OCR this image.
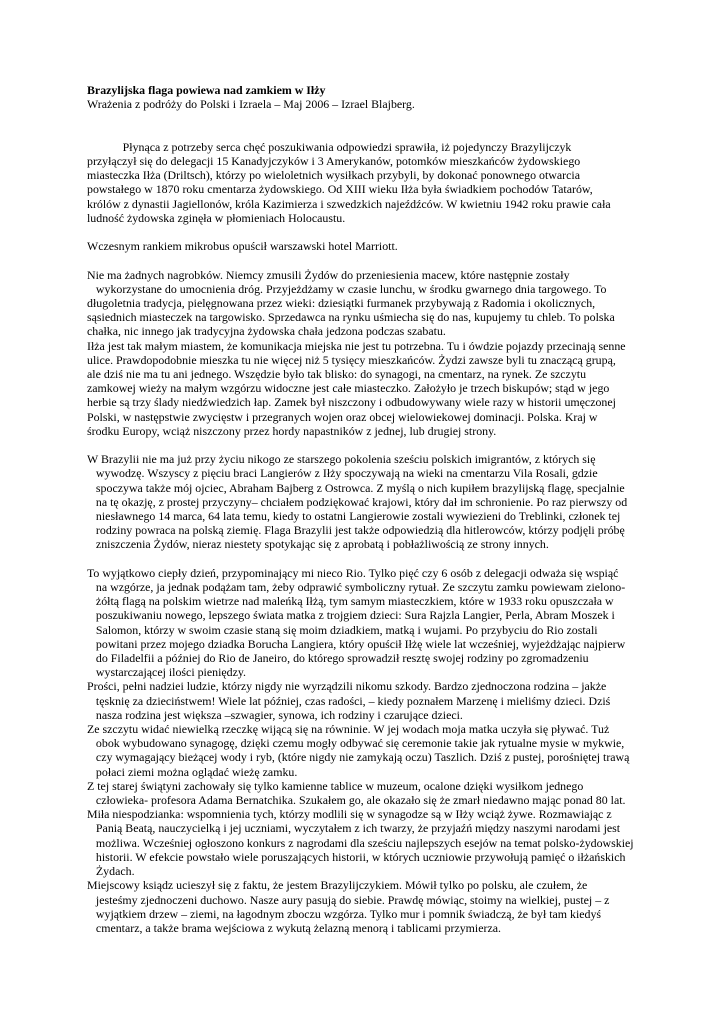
Brazylijska flaga powiewa nad zamkiem w Iłży

Wrażenia z podróży do Polski i Izraela – Maj 2006 – Izrael Blajberg.

Płynąca z potrzeby serca chęć poszukiwania odpowiedzi sprawiła, iż pojedynczy Brazylijczyk
przyłączył się do delegacji 15 Kanadyjczyków i 3 Amerykanów, potomków mieszkańców żydowskiego
miasteczka Iłża (Driltsch), którzy po wieloletnich wysiłkach przybyli, by dokonać ponownego otwarcia
powstałego w 1870 roku cmentarza żydowskiego. Od XIII wieku Iłża była świadkiem pochodów Tatarów,
królów z dynastii Jagiellonów, króla Kazimierza i szwedzkich najeźdźców. W kwietniu 1942 roku prawie cała
ludność żydowska zginęła w płomieniach Holocaustu.

Wczesnym rankiem mikrobus opuścił warszawski hotel Marriott.

Nie ma żadnych nagrobków. Niemcy zmusili Żydów do przeniesienia macew, które następnie zostały
wykorzystane do umocnienia dróg. Przyjeżdżamy w czasie lunchu, w środku gwarnego dnia targowego. To
długoletnia tradycja, pielęgnowana przez wieki: dziesiątki furmanek przybywają z Radomia i okolicznych,
sąsiednich miasteczek na targowisko. Sprzedawca na rynku uśmiecha się do nas, kupujemy tu chleb. To polska
chałka, nic innego jak tradycyjna żydowska chała jedzona podczas szabatu.
Iłża jest tak małym miastem, że komunikacja miejska nie jest tu potrzebna. Tu i ówdzie pojazdy przecinają senne
ulice. Prawdopodobnie mieszka tu nie więcej niż 5 tysięcy mieszkańców. Żydzi zawsze byli tu znaczącą grupą,
ale dziś nie ma tu ani jednego. Wszędzie było tak blisko: do synagogi, na cmentarz, na rynek. Ze szczytu
zamkowej wieży na małym wzgórzu widoczne jest całe miasteczko. Założyło je trzech biskupów; stąd w jego
herbie są trzy ślady niedźwiedzich łap. Zamek był niszczony i odbudowywany wiele razy w historii umęczonej
Polski, w następstwie zwycięstw i przegranych wojen oraz obcej wielowiekowej dominacji. Polska. Kraj w
środku Europy, wciąż niszczony przez hordy napastników z jednej, lub drugiej strony.

W Brazylii nie ma już przy życiu nikogo ze starszego pokolenia sześciu polskich imigrantów, z których się
wywodzę. Wszyscy z pięciu braci Langierów z Iłży spoczywają na wieki na cmentarzu Vila Rosali, gdzie
spoczywa także mój ojciec, Abraham Bajberg z Ostrowca. Z myślą o nich kupiłem brazylijską flagę, specjalnie
na tę okazję, z prostej przyczyny– chciałem podziękować krajowi, który dał im schronienie. Po raz pierwszy od
niesławnego 14 marca, 64 lata temu, kiedy to ostatni Langierowie zostali wywiezieni do Treblinki, członek tej
rodziny powraca na polską ziemię. Flaga Brazylii jest także odpowiedzią dla hitlerowców, którzy podjęli próbę
zniszczenia Żydów, nieraz niestety spotykając się z aprobatą i pobłażliwością ze strony innych.

To wyjątkowo ciepły dzień, przypominający mi nieco Rio. Tylko pięć czy 6 osób z delegacji odważa się wspiąć
na wzgórze, ja jednak podążam tam, żeby odprawić symboliczny rytuał. Ze szczytu zamku powiewam zielono-
żółtą flagą na polskim wietrze nad maleńką Iłżą, tym samym miasteczkiem, które w 1933 roku opuszczała w
poszukiwaniu nowego, lepszego świata matka z trojgiem dzieci: Sura Rajzla Langier, Perla, Abram Moszek i
Salomon, którzy w swoim czasie staną się moim dziadkiem, matką i wujami. Po przybyciu do Rio zostali
powitani przez mojego dziadka Borucha Langiera, który opuścił Iłżę wiele lat wcześniej, wyjeżdżając najpierw
do Filadelfii a później do Rio de Janeiro, do którego sprowadził resztę swojej rodziny po zgromadzeniu
wystarczającej ilości pieniędzy.
Prości, pełni nadziei ludzie, którzy nigdy nie wyrządzili nikomu szkody. Bardzo zjednoczona rodzina – jakże
tęsknię za dzieciństwem! Wiele lat później, czas radości, – kiedy poznałem Marzenę i mieliśmy dzieci. Dziś
nasza rodzina jest większa –szwagier, synowa, ich rodziny i czarujące dzieci.
Ze szczytu widać niewielką rzeczkę wijącą się na równinie. W jej wodach moja matka uczyła się pływać. Tuż
obok wybudowano synagogę, dzięki czemu mogły odbywać się ceremonie takie jak rytualne mysie w mykwie,
czy wymagający bieżącej wody i ryb, (które nigdy nie zamykają oczu) Taszlich. Dziś z pustej, porośniętej trawą
połaci ziemi można oglądać wieżę zamku.
Z tej starej świątyni zachowały się tylko kamienne tablice w muzeum, ocalone dzięki wysiłkom jednego
człowieka- profesora Adama Bernatchika. Szukałem go, ale okazało się że zmarł niedawno mając ponad 80 lat.
Miła niespodzianka: wspomnienia tych, którzy modlili się w synagodze są w Iłży wciąż żywe. Rozmawiając z
Panią Beatą, nauczycielką i jej uczniami, wyczytałem z ich twarzy, że przyjaźń między naszymi narodami jest
możliwa. Wcześniej ogłoszono konkurs z nagrodami dla sześciu najlepszych esejów na temat polsko-żydowskiej
historii. W efekcie powstało wiele poruszających historii, w których uczniowie przywołują pamięć o iłżańskich
Żydach.
Miejscowy ksiądz ucieszył się z faktu, że jestem Brazylijczykiem. Mówił tylko po polsku, ale czułem, że
jesteśmy zjednoczeni duchowo. Nasze aury pasują do siebie. Prawdę mówiąc, stoimy na wielkiej, pustej – z
wyjątkiem drzew – ziemi, na łagodnym zboczu wzgórza. Tylko mur i pomnik świadczą, że był tam kiedyś
cmentarz, a także brama wejściowa z wykutą żelazną menorą i tablicami przymierza.
